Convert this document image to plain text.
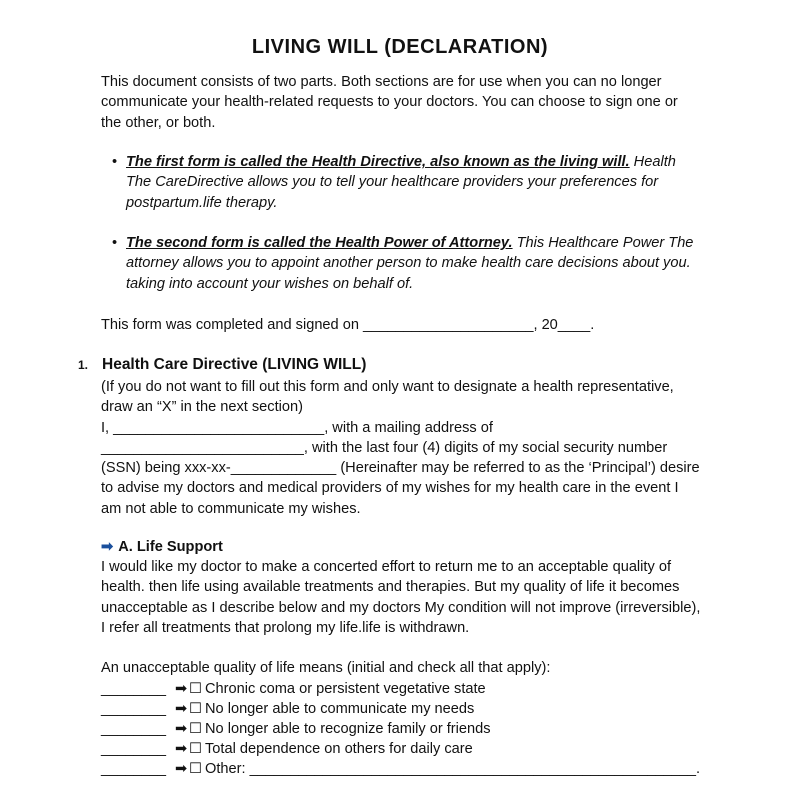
LIVING WILL (DECLARATION)
This document consists of two parts. Both sections are for use when you can no longer communicate your health-related requests to your doctors. You can choose to sign one or the other, or both.
• The first form is called the Health Directive, also known as the living will. Health The CareDirective allows you to tell your healthcare providers your preferences for postpartum.life therapy.
• The second form is called the Health Power of Attorney. This Healthcare Power The attorney allows you to appoint another person to make health care decisions about you. taking into account your wishes on behalf of.
This form was completed and signed on _____________________, 20____.
1. Health Care Directive (LIVING WILL)
(If you do not want to fill out this form and only want to designate a health representative, draw an “X” in the next section)
I, __________________________, with a mailing address of _________________________, with the last four (4) digits of my social security number (SSN) being xxx-xx-_____________ (Hereinafter may be referred to as the ‘Principal’) desire to advise my doctors and medical providers of my wishes for my health care in the event I am not able to communicate my wishes.
➡ A. Life Support
I would like my doctor to make a concerted effort to return me to an acceptable quality of health. then life using available treatments and therapies. But my quality of life it becomes unacceptable as I describe below and my doctors My condition will not improve (irreversible), I refer all treatments that prolong my life.life is withdrawn.
An unacceptable quality of life means (initial and check all that apply):
________ ➡ ☐ Chronic coma or persistent vegetative state
________ ➡ ☐ No longer able to communicate my needs
________ ➡ ☐ No longer able to recognize family or friends
________ ➡ ☐ Total dependence on others for daily care
________ ➡ ☐ Other: _______________________________________________________.
